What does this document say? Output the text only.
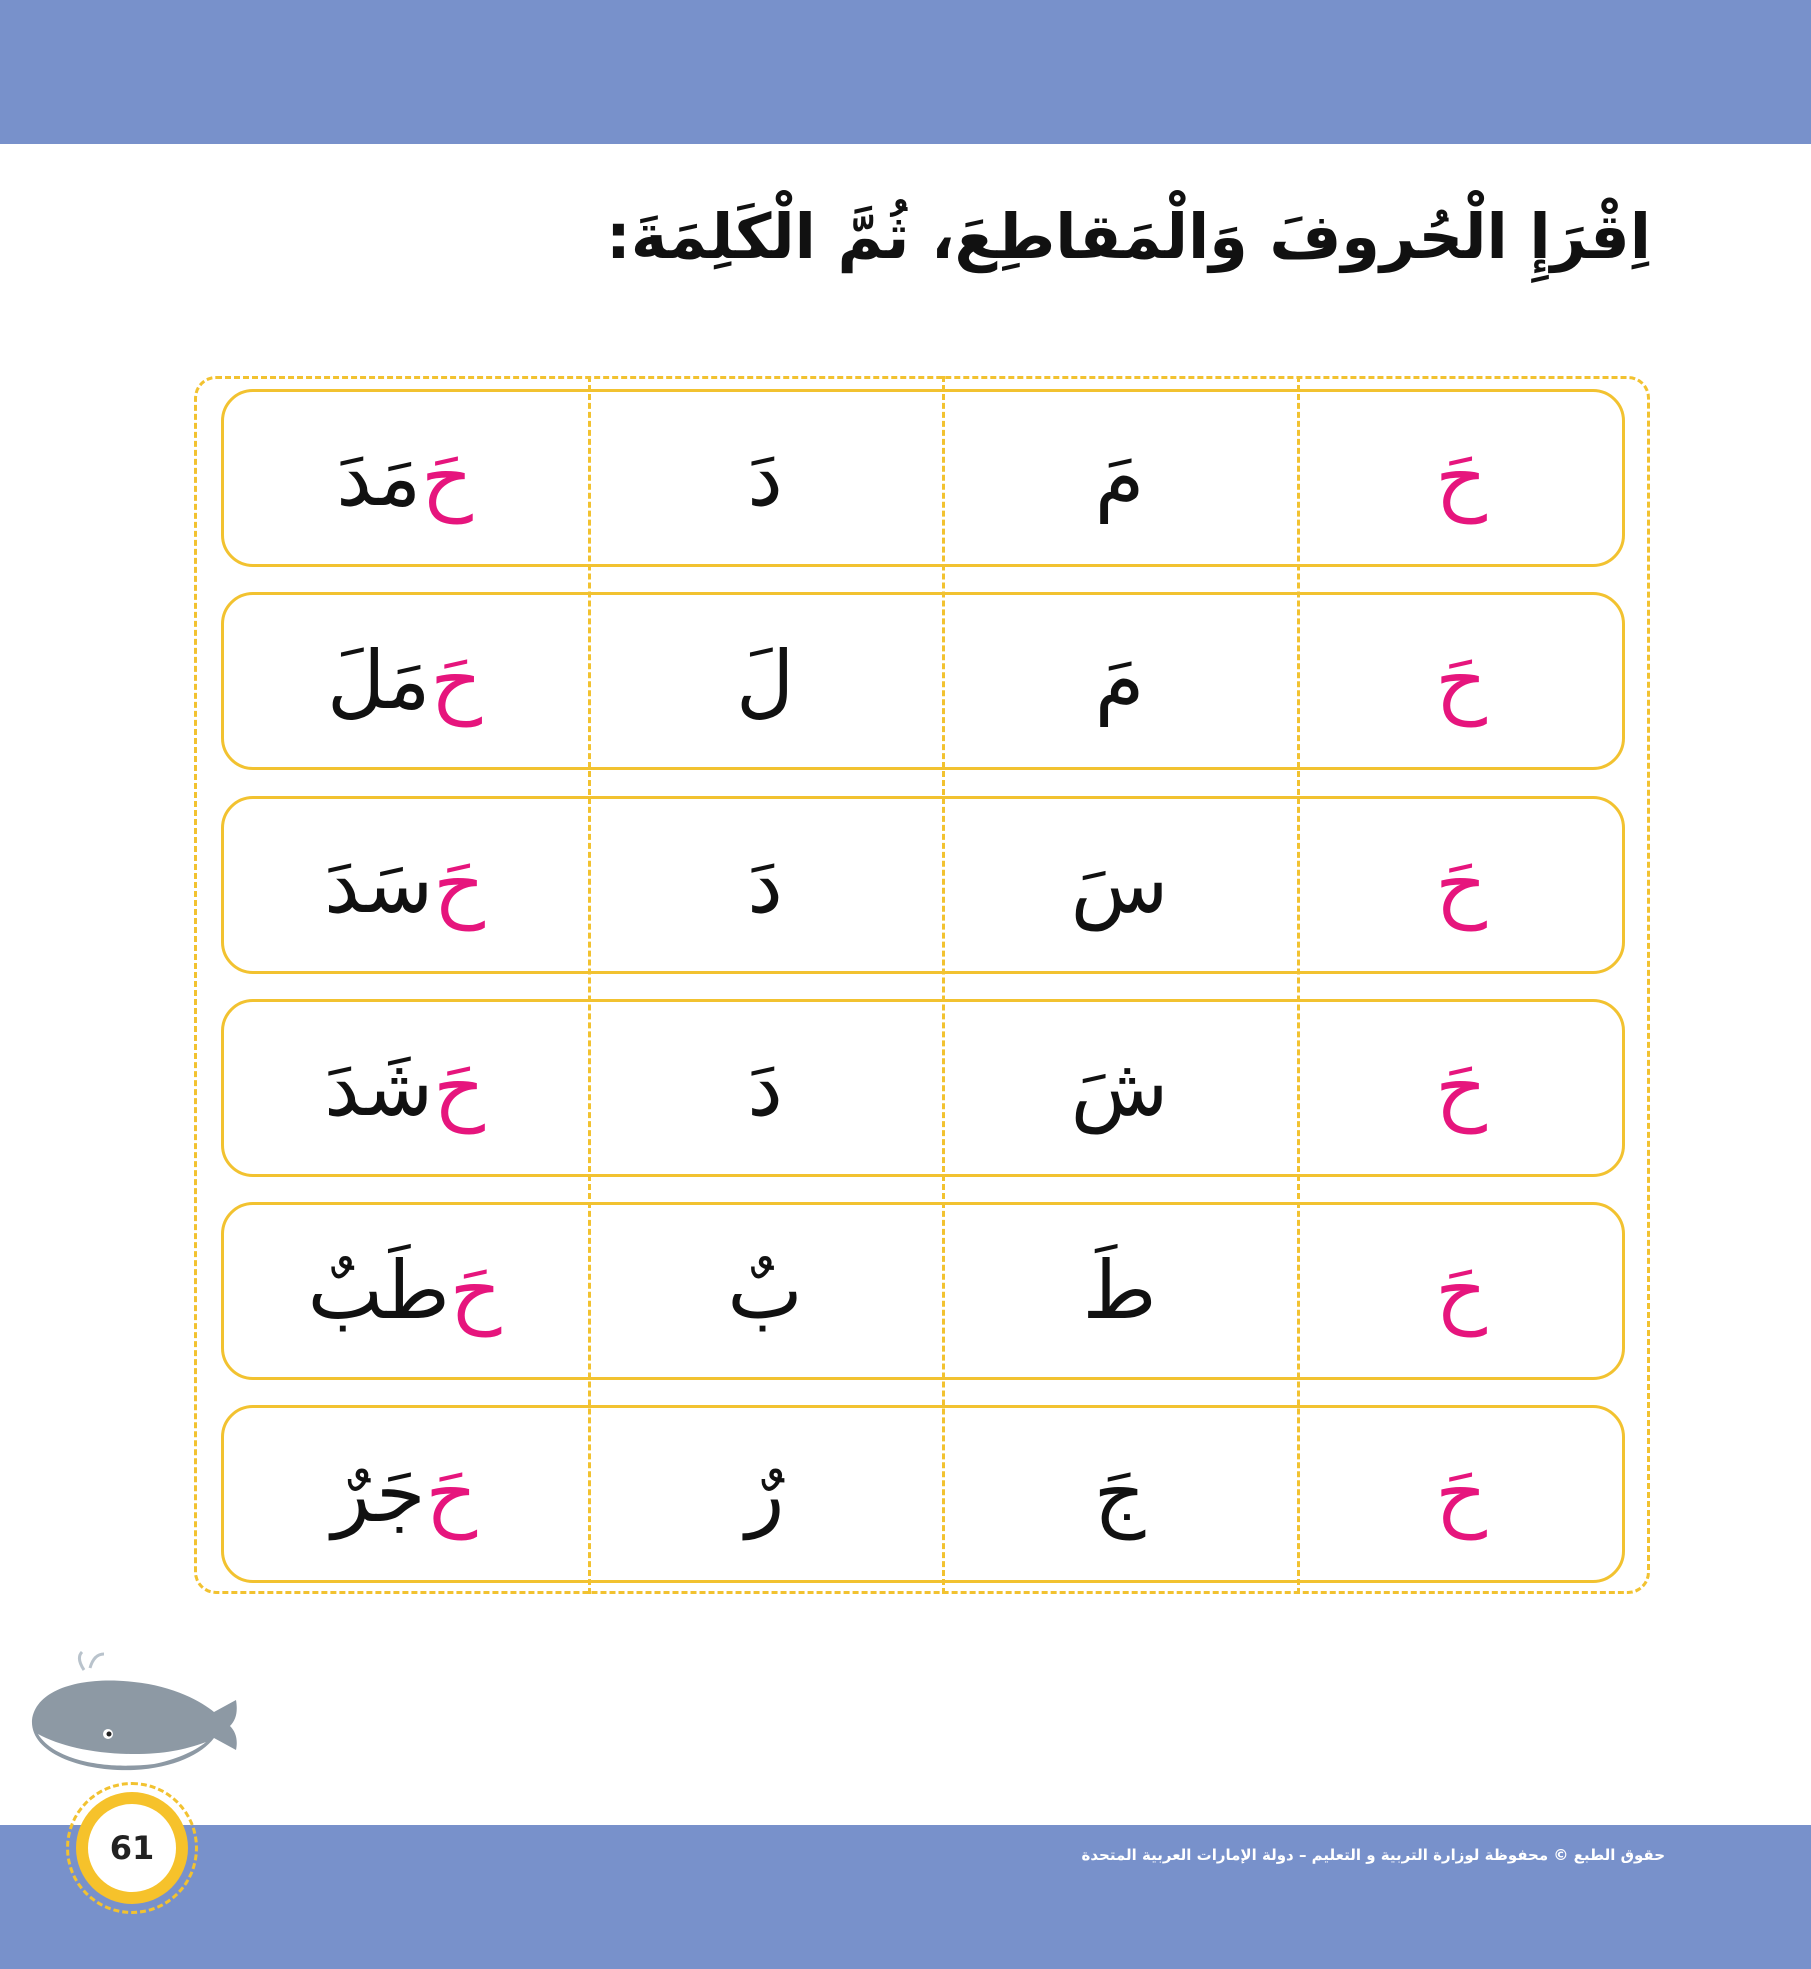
اِقْرَإِ الْحُروفَ وَالْمَقاطِعَ، ثُمَّ الْكَلِمَةَ:
حَ
مَ
دَ
حَ
مَدَ
حَ
مَ
لَ
حَ
مَلَ
حَ
سَ
دَ
حَ
سَدَ
حَ
شَ
دَ
حَ
شَدَ
حَ
طَ
بٌ
حَ
طَبٌ
حَ
جَ
رٌ
حَ
جَرٌ
حقوق الطبع © محفوظة لوزارة التربية و التعليم – دولة الإمارات العربية المتحدة
61
